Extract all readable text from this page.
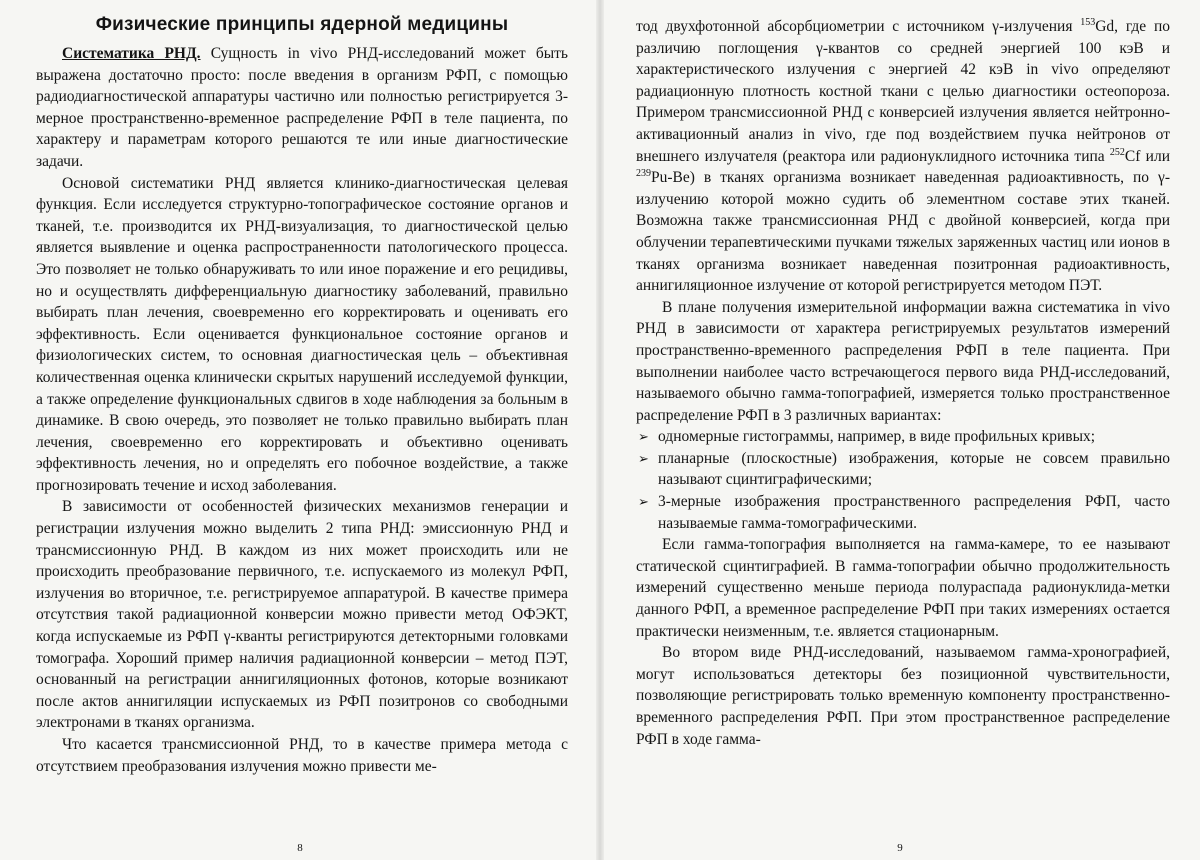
Физические принципы ядерной медицины

Систематика РНД. Сущность in vivo РНД-исследований может быть выражена достаточно просто: после введения в организм РФП, с помощью радиодиагностической аппаратуры частично или полностью регистрируется 3-мерное пространственно-временное распределение РФП в теле пациента, по характеру и параметрам которого решаются те или иные диагностические задачи.

Основой систематики РНД является клинико-диагностическая целевая функция. Если исследуется структурно-топографическое состояние органов и тканей, т.е. производится их РНД-визуализация, то диагностической целью является выявление и оценка распространенности патологического процесса. Это позволяет не только обнаруживать то или иное поражение и его рецидивы, но и осуществлять дифференциальную диагностику заболеваний, правильно выбирать план лечения, своевременно его корректировать и оценивать его эффективность. Если оценивается функциональное состояние органов и физиологических систем, то основная диагностическая цель – объективная количественная оценка клинически скрытых нарушений исследуемой функции, а также определение функциональных сдвигов в ходе наблюдения за больным в динамике. В свою очередь, это позволяет не только правильно выбирать план лечения, своевременно его корректировать и объективно оценивать эффективность лечения, но и определять его побочное воздействие, а также прогнозировать течение и исход заболевания.

В зависимости от особенностей физических механизмов генерации и регистрации излучения можно выделить 2 типа РНД: эмиссионную РНД и трансмиссионную РНД. В каждом из них может происходить или не происходить преобразование первичного, т.е. испускаемого из молекул РФП, излучения во вторичное, т.е. регистрируемое аппаратурой. В качестве примера отсутствия такой радиационной конверсии можно привести метод ОФЭКТ, когда испускаемые из РФП γ-кванты регистрируются детекторными головками томографа. Хороший пример наличия радиационной конверсии – метод ПЭТ, основанный на регистрации аннигиляционных фотонов, которые возникают после актов аннигиляции испускаемых из РФП позитронов со свободными электронами в тканях организма.

Что касается трансмиссионной РНД, то в качестве примера метода с отсутствием преобразования излучения можно привести ме-

8

тод двухфотонной абсорбциометрии с источником γ-излучения $^{153}$Gd, где по различию поглощения γ-квантов со средней энергией 100 кэВ и характеристического излучения с энергией 42 кэВ in vivo определяют радиационную плотность костной ткани с целью диагностики остеопороза. Примером трансмиссионной РНД с конверсией излучения является нейтронно-активационный анализ in vivo, где под воздействием пучка нейтронов от внешнего излучателя (реактора или радионуклидного источника типа $^{252}$Cf или $^{239}$Pu-Be) в тканях организма возникает наведенная радиоактивность, по γ-излучению которой можно судить об элементном составе этих тканей. Возможна также трансмиссионная РНД с двойной конверсией, когда при облучении терапевтическими пучками тяжелых заряженных частиц или ионов в тканях организма возникает наведенная позитронная радиоактивность, аннигиляционное излучение от которой регистрируется методом ПЭТ.

В плане получения измерительной информации важна систематика in vivo РНД в зависимости от характера регистрируемых результатов измерений пространственно-временного распределения РФП в теле пациента. При выполнении наиболее часто встречающегося первого вида РНД-исследований, называемого обычно гамма-топографией, измеряется только пространственное распределение РФП в 3 различных вариантах:

➢ одномерные гистограммы, например, в виде профильных кривых;
➢ планарные (плоскостные) изображения, которые не совсем правильно называют сцинтиграфическими;
➢ 3-мерные изображения пространственного распределения РФП, часто называемые гамма-томографическими.

Если гамма-топография выполняется на гамма-камере, то ее называют статической сцинтиграфией. В гамма-топографии обычно продолжительность измерений существенно меньше периода полураспада радионуклида-метки данного РФП, а временное распределение РФП при таких измерениях остается практически неизменным, т.е. является стационарным.

Во втором виде РНД-исследований, называемом гамма-хронографией, могут использоваться детекторы без позиционной чувствительности, позволяющие регистрировать только временную компоненту пространственно-временного распределения РФП. При этом пространственное распределение РФП в ходе гамма-

9
